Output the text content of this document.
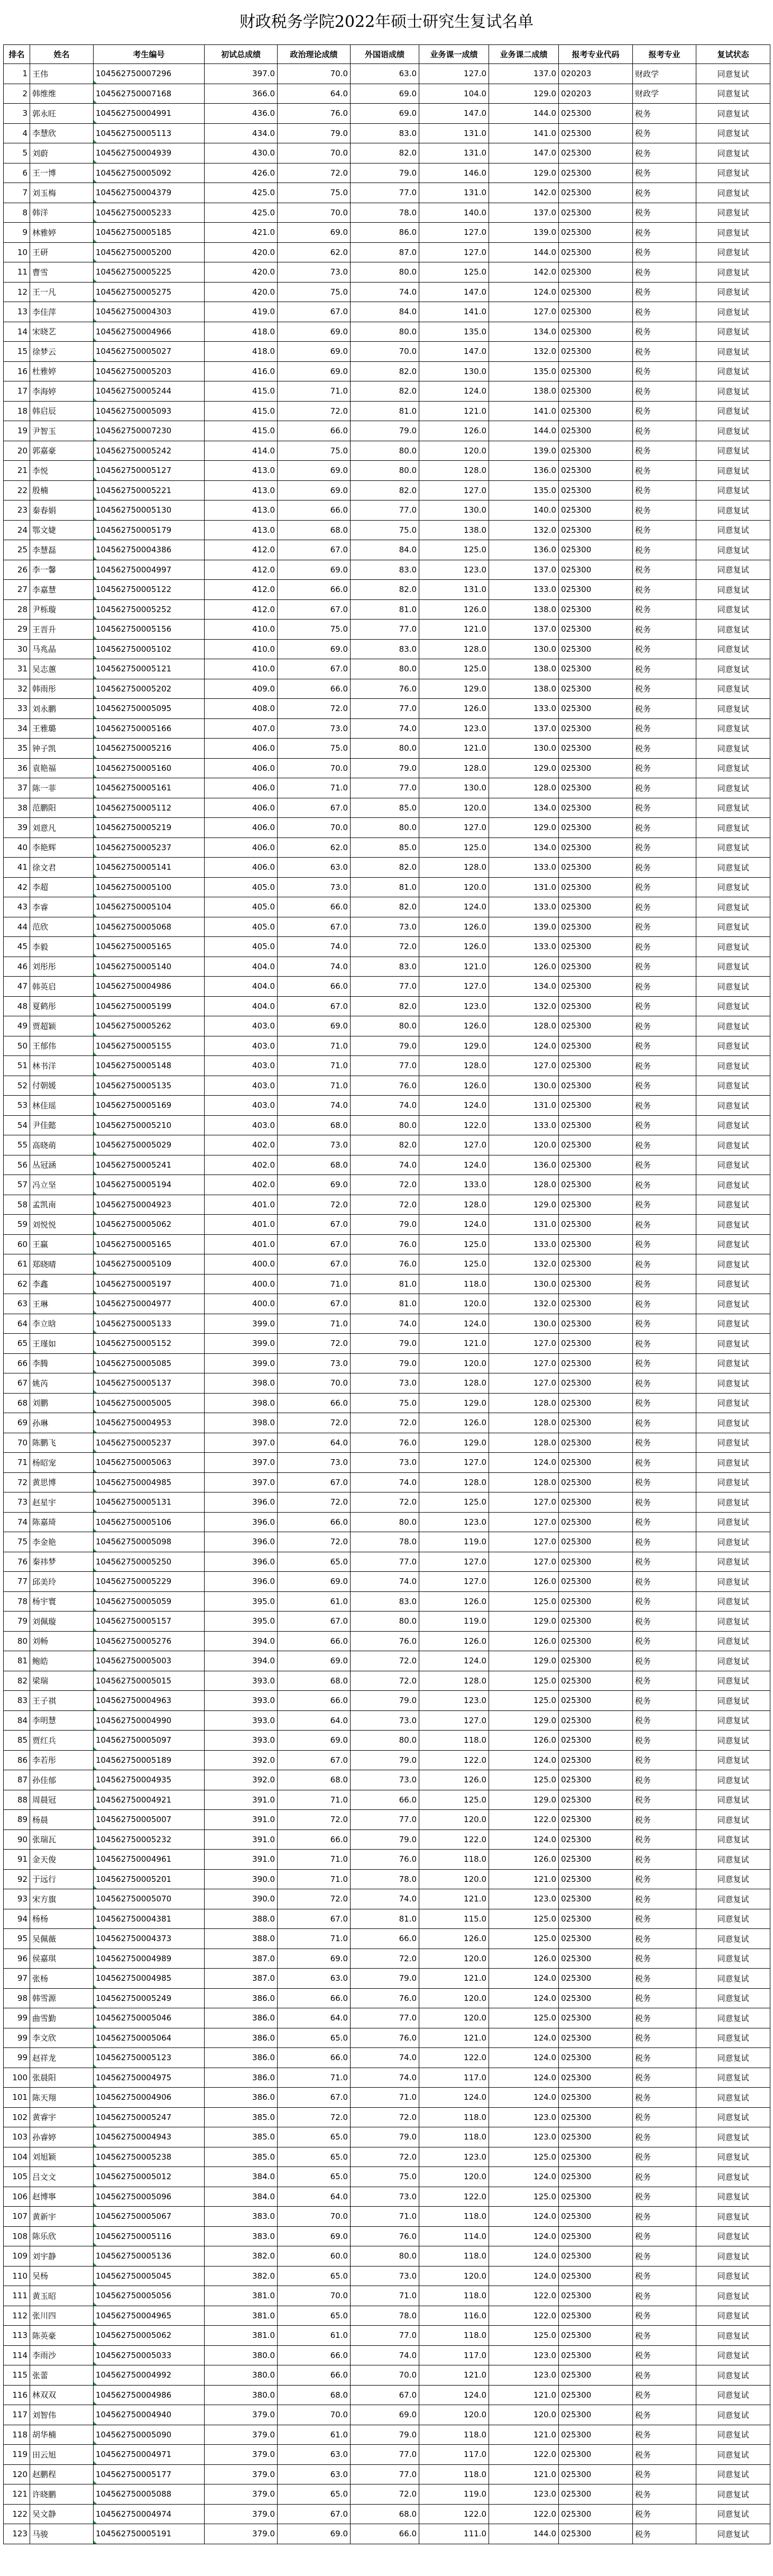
财政税务学院2022年硕士研究生复试名单
排名	姓名	考生编号	初试总成绩	政治理论成绩	外国语成绩	业务课一成绩	业务课二成绩	报考专业代码	报考专业	复试状态
1	王伟	104562750007296	397.0	70.0	63.0	127.0	137.0	020203	财政学	同意复试
2	韩维维	104562750007168	366.0	64.0	69.0	104.0	129.0	020203	财政学	同意复试
3	郭永旺	104562750004991	436.0	76.0	69.0	147.0	144.0	025300	税务	同意复试
4	李慧欣	104562750005113	434.0	79.0	83.0	131.0	141.0	025300	税务	同意复试
5	刘蔚	104562750004939	430.0	70.0	82.0	131.0	147.0	025300	税务	同意复试
6	王一博	104562750005092	426.0	72.0	79.0	146.0	129.0	025300	税务	同意复试
7	刘玉梅	104562750004379	425.0	75.0	77.0	131.0	142.0	025300	税务	同意复试
8	韩洋	104562750005233	425.0	70.0	78.0	140.0	137.0	025300	税务	同意复试
9	林雅婷	104562750005185	421.0	69.0	86.0	127.0	139.0	025300	税务	同意复试
10	王研	104562750005200	420.0	62.0	87.0	127.0	144.0	025300	税务	同意复试
11	曹雪	104562750005225	420.0	73.0	80.0	125.0	142.0	025300	税务	同意复试
12	王一凡	104562750005275	420.0	75.0	74.0	147.0	124.0	025300	税务	同意复试
13	李佳萍	104562750004303	419.0	67.0	84.0	141.0	127.0	025300	税务	同意复试
14	宋晓艺	104562750004966	418.0	69.0	80.0	135.0	134.0	025300	税务	同意复试
15	徐梦云	104562750005027	418.0	69.0	70.0	147.0	132.0	025300	税务	同意复试
16	杜雅婷	104562750005203	416.0	69.0	82.0	130.0	135.0	025300	税务	同意复试
17	李海婷	104562750005244	415.0	71.0	82.0	124.0	138.0	025300	税务	同意复试
18	韩启辰	104562750005093	415.0	72.0	81.0	121.0	141.0	025300	税务	同意复试
19	尹智玉	104562750007230	415.0	66.0	79.0	126.0	144.0	025300	税务	同意复试
20	郭嘉豪	104562750005242	414.0	75.0	80.0	120.0	139.0	025300	税务	同意复试
21	李悦	104562750005127	413.0	69.0	80.0	128.0	136.0	025300	税务	同意复试
22	殷楠	104562750005221	413.0	69.0	82.0	127.0	135.0	025300	税务	同意复试
23	秦春娟	104562750005130	413.0	66.0	77.0	130.0	140.0	025300	税务	同意复试
24	鄂文婕	104562750005179	413.0	68.0	75.0	138.0	132.0	025300	税务	同意复试
25	李慧磊	104562750004386	412.0	67.0	84.0	125.0	136.0	025300	税务	同意复试
26	李一馨	104562750004997	412.0	69.0	83.0	123.0	137.0	025300	税务	同意复试
27	李嘉慧	104562750005122	412.0	66.0	82.0	131.0	133.0	025300	税务	同意复试
28	尹栎璇	104562750005252	412.0	67.0	81.0	126.0	138.0	025300	税务	同意复试
29	王晋升	104562750005156	410.0	75.0	77.0	121.0	137.0	025300	税务	同意复试
30	马兆晶	104562750005102	410.0	69.0	83.0	128.0	130.0	025300	税务	同意复试
31	吴志蕙	104562750005121	410.0	67.0	80.0	125.0	138.0	025300	税务	同意复试
32	韩雨彤	104562750005202	409.0	66.0	76.0	129.0	138.0	025300	税务	同意复试
33	刘永鹏	104562750005095	408.0	72.0	77.0	126.0	133.0	025300	税务	同意复试
34	王雅璐	104562750005166	407.0	73.0	74.0	123.0	137.0	025300	税务	同意复试
35	钟子凯	104562750005216	406.0	75.0	80.0	121.0	130.0	025300	税务	同意复试
36	袁艳福	104562750005160	406.0	70.0	79.0	128.0	129.0	025300	税务	同意复试
37	陈一菲	104562750005161	406.0	71.0	77.0	130.0	128.0	025300	税务	同意复试
38	范鹏阳	104562750005112	406.0	67.0	85.0	120.0	134.0	025300	税务	同意复试
39	刘意凡	104562750005219	406.0	70.0	80.0	127.0	129.0	025300	税务	同意复试
40	李艳辉	104562750005237	406.0	62.0	85.0	125.0	134.0	025300	税务	同意复试
41	徐文君	104562750005141	406.0	63.0	82.0	128.0	133.0	025300	税务	同意复试
42	李超	104562750005100	405.0	73.0	81.0	120.0	131.0	025300	税务	同意复试
43	李睿	104562750005104	405.0	66.0	82.0	124.0	133.0	025300	税务	同意复试
44	范欣	104562750005068	405.0	67.0	73.0	126.0	139.0	025300	税务	同意复试
45	李毅	104562750005165	405.0	74.0	72.0	126.0	133.0	025300	税务	同意复试
46	刘彤彤	104562750005140	404.0	74.0	83.0	121.0	126.0	025300	税务	同意复试
47	韩英启	104562750004986	404.0	66.0	77.0	127.0	134.0	025300	税务	同意复试
48	夏鹤彤	104562750005199	404.0	67.0	82.0	123.0	132.0	025300	税务	同意复试
49	贾超颖	104562750005262	403.0	69.0	80.0	126.0	128.0	025300	税务	同意复试
50	王郁伟	104562750005155	403.0	71.0	79.0	129.0	124.0	025300	税务	同意复试
51	林书洋	104562750005148	403.0	71.0	77.0	128.0	127.0	025300	税务	同意复试
52	付朝媛	104562750005135	403.0	71.0	76.0	126.0	130.0	025300	税务	同意复试
53	林佳瑶	104562750005169	403.0	74.0	74.0	124.0	131.0	025300	税务	同意复试
54	尹佳懿	104562750005210	403.0	68.0	80.0	122.0	133.0	025300	税务	同意复试
55	高晓萌	104562750005029	402.0	73.0	82.0	127.0	120.0	025300	税务	同意复试
56	丛冠涵	104562750005241	402.0	68.0	74.0	124.0	136.0	025300	税务	同意复试
57	冯立坚	104562750005194	402.0	69.0	72.0	133.0	128.0	025300	税务	同意复试
58	孟凯南	104562750004923	401.0	72.0	72.0	128.0	129.0	025300	税务	同意复试
59	刘悦悦	104562750005062	401.0	67.0	79.0	124.0	131.0	025300	税务	同意复试
60	王赢	104562750005165	401.0	67.0	76.0	125.0	133.0	025300	税务	同意复试
61	郑晓晴	104562750005109	400.0	67.0	76.0	125.0	132.0	025300	税务	同意复试
62	李鑫	104562750005197	400.0	71.0	81.0	118.0	130.0	025300	税务	同意复试
63	王琳	104562750004977	400.0	67.0	81.0	120.0	132.0	025300	税务	同意复试
64	李立晗	104562750005133	399.0	71.0	74.0	124.0	130.0	025300	税务	同意复试
65	王瑾如	104562750005152	399.0	72.0	79.0	121.0	127.0	025300	税务	同意复试
66	李腾	104562750005085	399.0	73.0	79.0	120.0	127.0	025300	税务	同意复试
67	姚芮	104562750005137	398.0	70.0	73.0	128.0	127.0	025300	税务	同意复试
68	刘鹏	104562750005005	398.0	66.0	75.0	129.0	128.0	025300	税务	同意复试
69	孙琳	104562750004953	398.0	72.0	72.0	126.0	128.0	025300	税务	同意复试
70	陈鹏飞	104562750005237	397.0	64.0	76.0	129.0	128.0	025300	税务	同意复试
71	杨昭宠	104562750005063	397.0	73.0	73.0	127.0	124.0	025300	税务	同意复试
72	黄思博	104562750004985	397.0	67.0	74.0	128.0	128.0	025300	税务	同意复试
73	赵星宇	104562750005131	396.0	72.0	72.0	125.0	127.0	025300	税务	同意复试
74	陈嘉琦	104562750005106	396.0	66.0	80.0	123.0	127.0	025300	税务	同意复试
75	李金艳	104562750005098	396.0	72.0	78.0	119.0	127.0	025300	税务	同意复试
76	秦祎梦	104562750005250	396.0	65.0	77.0	127.0	127.0	025300	税务	同意复试
77	邱美玲	104562750005229	396.0	69.0	74.0	127.0	126.0	025300	税务	同意复试
78	杨宇寰	104562750005059	395.0	61.0	83.0	126.0	125.0	025300	税务	同意复试
79	刘佩璇	104562750005157	395.0	67.0	80.0	119.0	129.0	025300	税务	同意复试
80	刘畅	104562750005276	394.0	66.0	76.0	126.0	126.0	025300	税务	同意复试
81	鲍皓	104562750005003	394.0	69.0	72.0	124.0	129.0	025300	税务	同意复试
82	梁瑞	104562750005015	393.0	68.0	72.0	128.0	125.0	025300	税务	同意复试
83	王子祺	104562750004963	393.0	66.0	79.0	123.0	125.0	025300	税务	同意复试
84	李明慧	104562750004990	393.0	64.0	73.0	127.0	129.0	025300	税务	同意复试
85	贾红兵	104562750005097	393.0	69.0	80.0	118.0	126.0	025300	税务	同意复试
86	李若彤	104562750005189	392.0	67.0	79.0	122.0	124.0	025300	税务	同意复试
87	孙佳郁	104562750004935	392.0	68.0	73.0	126.0	125.0	025300	税务	同意复试
88	周晨冠	104562750004921	391.0	71.0	66.0	125.0	129.0	025300	税务	同意复试
89	杨晨	104562750005007	391.0	72.0	77.0	120.0	122.0	025300	税务	同意复试
90	张瑞瓦	104562750005232	391.0	66.0	79.0	122.0	124.0	025300	税务	同意复试
91	金天俊	104562750004961	391.0	71.0	76.0	118.0	126.0	025300	税务	同意复试
92	于远行	104562750005201	390.0	71.0	78.0	120.0	121.0	025300	税务	同意复试
93	宋方旗	104562750005070	390.0	72.0	74.0	121.0	123.0	025300	税务	同意复试
94	杨杨	104562750004381	388.0	67.0	81.0	115.0	125.0	025300	税务	同意复试
95	吴佩薇	104562750004373	388.0	71.0	66.0	126.0	125.0	025300	税务	同意复试
96	侯嘉琪	104562750004989	387.0	69.0	72.0	120.0	126.0	025300	税务	同意复试
97	张杨	104562750004985	387.0	63.0	79.0	121.0	124.0	025300	税务	同意复试
98	韩雪源	104562750005249	386.0	66.0	76.0	120.0	124.0	025300	税务	同意复试
99	曲雪勤	104562750005046	386.0	64.0	77.0	120.0	125.0	025300	税务	同意复试
99	李文欣	104562750005064	386.0	65.0	76.0	121.0	124.0	025300	税务	同意复试
99	赵祥龙	104562750005123	386.0	66.0	74.0	122.0	124.0	025300	税务	同意复试
100	张晨阳	104562750004975	386.0	71.0	74.0	117.0	124.0	025300	税务	同意复试
101	陈天翔	104562750004906	386.0	67.0	71.0	124.0	124.0	025300	税务	同意复试
102	黄睿宇	104562750005247	385.0	72.0	72.0	118.0	123.0	025300	税务	同意复试
103	孙睿婷	104562750004943	385.0	65.0	79.0	118.0	123.0	025300	税务	同意复试
104	刘旭颖	104562750005238	385.0	65.0	72.0	123.0	125.0	025300	税务	同意复试
105	吕文文	104562750005012	384.0	65.0	75.0	120.0	124.0	025300	税务	同意复试
106	赵博寧	104562750005096	384.0	64.0	73.0	122.0	125.0	025300	税务	同意复试
107	黄新宇	104562750005067	383.0	70.0	71.0	118.0	124.0	025300	税务	同意复试
108	陈乐欣	104562750005116	383.0	69.0	76.0	114.0	124.0	025300	税务	同意复试
109	刘宇静	104562750005136	382.0	60.0	80.0	118.0	124.0	025300	税务	同意复试
110	吴杨	104562750005045	382.0	65.0	73.0	120.0	124.0	025300	税务	同意复试
111	黄玉昭	104562750005056	381.0	70.0	71.0	118.0	122.0	025300	税务	同意复试
112	张川四	104562750004965	381.0	65.0	78.0	116.0	122.0	025300	税务	同意复试
113	陈英豪	104562750005062	381.0	61.0	77.0	118.0	125.0	025300	税务	同意复试
114	李雨沙	104562750005033	380.0	66.0	74.0	117.0	123.0	025300	税务	同意复试
115	张蕾	104562750004992	380.0	66.0	70.0	121.0	123.0	025300	税务	同意复试
116	林双双	104562750004986	380.0	68.0	67.0	124.0	121.0	025300	税务	同意复试
117	刘智伟	104562750004940	379.0	70.0	69.0	120.0	120.0	025300	税务	同意复试
118	胡华楠	104562750005090	379.0	61.0	79.0	118.0	121.0	025300	税务	同意复试
119	田云旭	104562750004971	379.0	63.0	77.0	117.0	122.0	025300	税务	同意复试
120	赵鹏程	104562750005177	379.0	63.0	77.0	118.0	121.0	025300	税务	同意复试
121	许晓鹏	104562750005088	379.0	65.0	72.0	119.0	123.0	025300	税务	同意复试
122	吴文静	104562750004974	379.0	67.0	68.0	122.0	122.0	025300	税务	同意复试
123	马骏	104562750005191	379.0	69.0	66.0	111.0	144.0	025300	税务	同意复试
